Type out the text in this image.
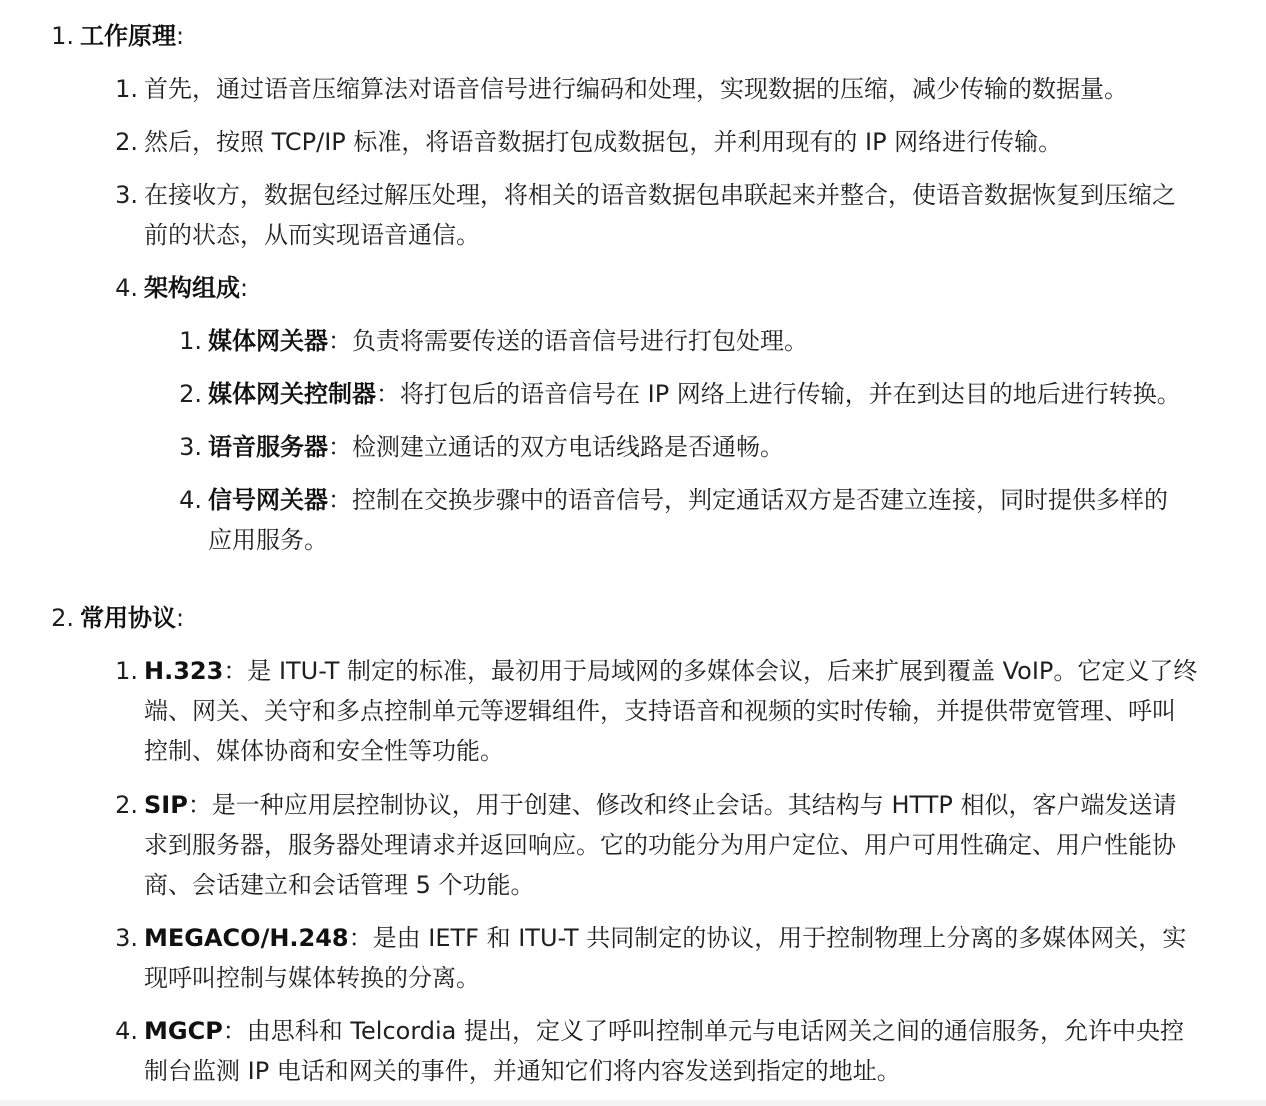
1. 工作原理:
1. 首先，通过语音压缩算法对语音信号进行编码和处理，实现数据的压缩，减少传输的数据量。
2. 然后，按照 TCP/IP 标准，将语音数据打包成数据包，并利用现有的 IP 网络进行传输。
3. 在接收方，数据包经过解压处理，将相关的语音数据包串联起来并整合，使语音数据恢复到压缩之
前的状态，从而实现语音通信。
4. 架构组成:
1. 媒体网关器：负责将需要传送的语音信号进行打包处理。
2. 媒体网关控制器：将打包后的语音信号在 IP 网络上进行传输，并在到达目的地后进行转换。
3. 语音服务器：检测建立通话的双方电话线路是否通畅。
4. 信号网关器：控制在交换步骤中的语音信号，判定通话双方是否建立连接，同时提供多样的
应用服务。
2. 常用协议:
1. H.323：是 ITU-T 制定的标准，最初用于局域网的多媒体会议，后来扩展到覆盖 VoIP。它定义了终
端、网关、关守和多点控制单元等逻辑组件，支持语音和视频的实时传输，并提供带宽管理、呼叫
控制、媒体协商和安全性等功能。
2. SIP：是一种应用层控制协议，用于创建、修改和终止会话。其结构与 HTTP 相似，客户端发送请
求到服务器，服务器处理请求并返回响应。它的功能分为用户定位、用户可用性确定、用户性能协
商、会话建立和会话管理 5 个功能。
3. MEGACO/H.248：是由 IETF 和 ITU-T 共同制定的协议，用于控制物理上分离的多媒体网关，实
现呼叫控制与媒体转换的分离。
4. MGCP：由思科和 Telcordia 提出，定义了呼叫控制单元与电话网关之间的通信服务，允许中央控
制台监测 IP 电话和网关的事件，并通知它们将内容发送到指定的地址。
